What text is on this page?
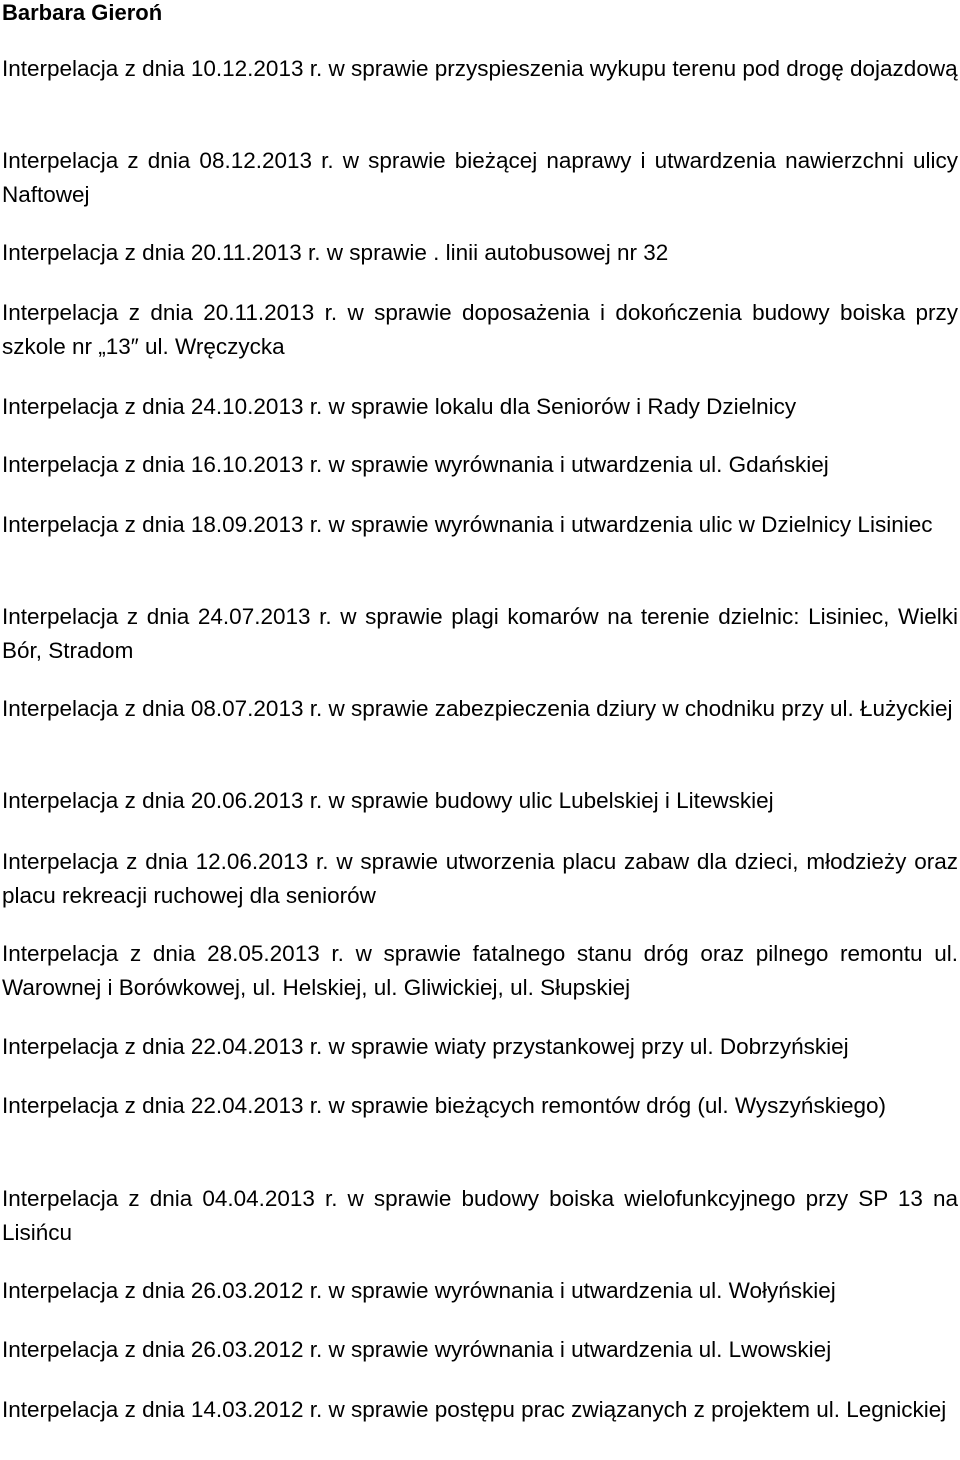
Barbara Gieroń

Interpelacja z dnia 10.12.2013 r. w sprawie przyspieszenia wykupu terenu pod drogę dojazdową

Interpelacja z dnia 08.12.2013 r. w sprawie bieżącej naprawy i utwardzenia nawierzchni ulicy Naftowej

Interpelacja z dnia 20.11.2013 r. w sprawie . linii autobusowej nr 32

Interpelacja z dnia 20.11.2013 r. w sprawie doposażenia i dokończenia budowy boiska przy szkole nr „13″ ul. Wręczycka

Interpelacja z dnia 24.10.2013 r. w sprawie lokalu dla Seniorów i Rady Dzielnicy

Interpelacja z dnia 16.10.2013 r. w sprawie wyrównania i utwardzenia ul. Gdańskiej

Interpelacja z dnia 18.09.2013 r. w sprawie wyrównania i utwardzenia ulic w Dzielnicy Lisiniec

Interpelacja z dnia 24.07.2013 r. w sprawie plagi komarów na terenie dzielnic: Lisiniec, Wielki Bór, Stradom

Interpelacja z dnia 08.07.2013 r. w sprawie zabezpieczenia dziury w chodniku przy ul. Łużyckiej

Interpelacja z dnia 20.06.2013 r. w sprawie budowy ulic Lubelskiej i Litewskiej

Interpelacja z dnia 12.06.2013 r. w sprawie utworzenia placu zabaw dla dzieci, młodzieży oraz placu rekreacji ruchowej dla seniorów

Interpelacja z dnia 28.05.2013 r. w sprawie fatalnego stanu dróg oraz pilnego remontu ul. Warownej i Borówkowej, ul. Helskiej, ul. Gliwickiej, ul. Słupskiej

Interpelacja z dnia 22.04.2013 r. w sprawie wiaty przystankowej przy ul. Dobrzyńskiej

Interpelacja z dnia 22.04.2013 r. w sprawie bieżących remontów dróg (ul. Wyszyńskiego)

Interpelacja z dnia 04.04.2013 r. w sprawie budowy boiska wielofunkcyjnego przy SP 13 na Lisińcu

Interpelacja z dnia 26.03.2012 r. w sprawie wyrównania i utwardzenia ul. Wołyńskiej

Interpelacja z dnia 26.03.2012 r. w sprawie wyrównania i utwardzenia ul. Lwowskiej

Interpelacja z dnia 14.03.2012 r. w sprawie postępu prac związanych z projektem ul. Legnickiej
